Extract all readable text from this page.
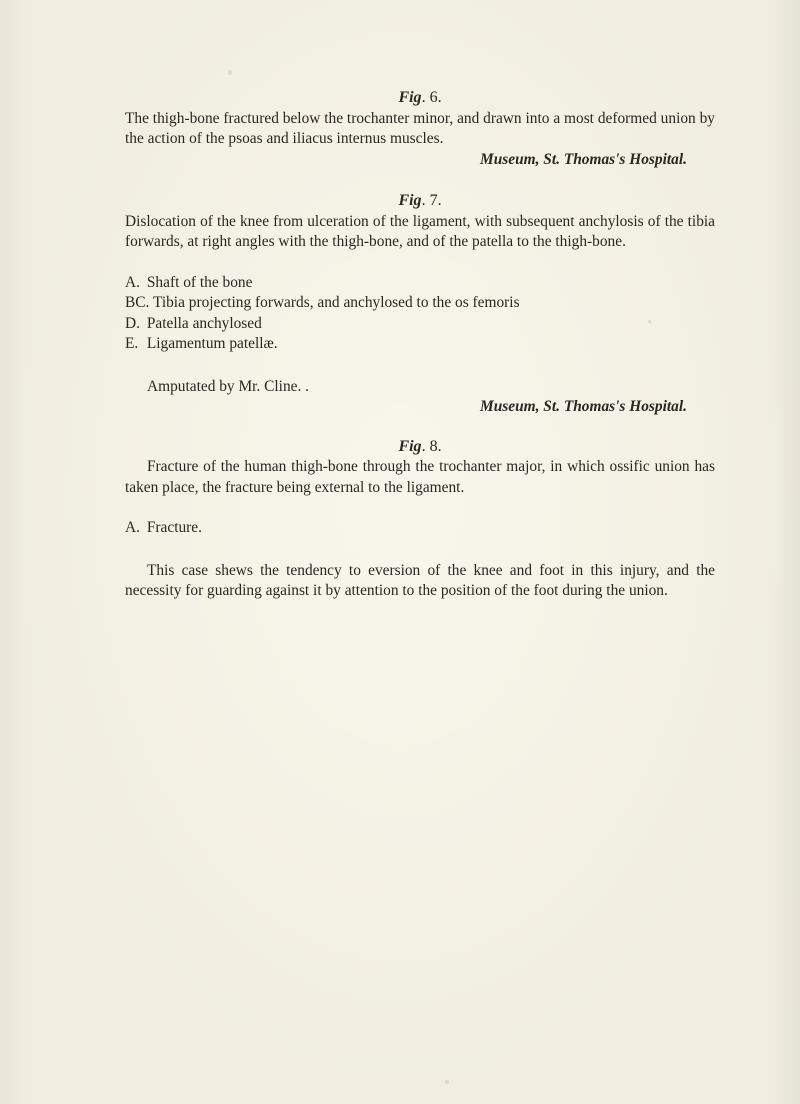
Fig. 6.

The thigh-bone fractured below the trochanter minor, and drawn into a most deformed union by the action of the psoas and iliacus internus muscles.

Museum, St. Thomas's Hospital.

Fig. 7.

Dislocation of the knee from ulceration of the ligament, with subsequent anchylosis of the tibia forwards, at right angles with the thigh-bone, and of the patella to the thigh-bone.

A. Shaft of the bone
BC. Tibia projecting forwards, and anchylosed to the os femoris
D. Patella anchylosed
E. Ligamentum patellæ.

Amputated by Mr. Cline. .

Museum, St. Thomas's Hospital.

Fig. 8.

Fracture of the human thigh-bone through the trochanter major, in which ossific union has taken place, the fracture being external to the ligament.

A. Fracture.

This case shews the tendency to eversion of the knee and foot in this injury, and the necessity for guarding against it by attention to the position of the foot during the union.
